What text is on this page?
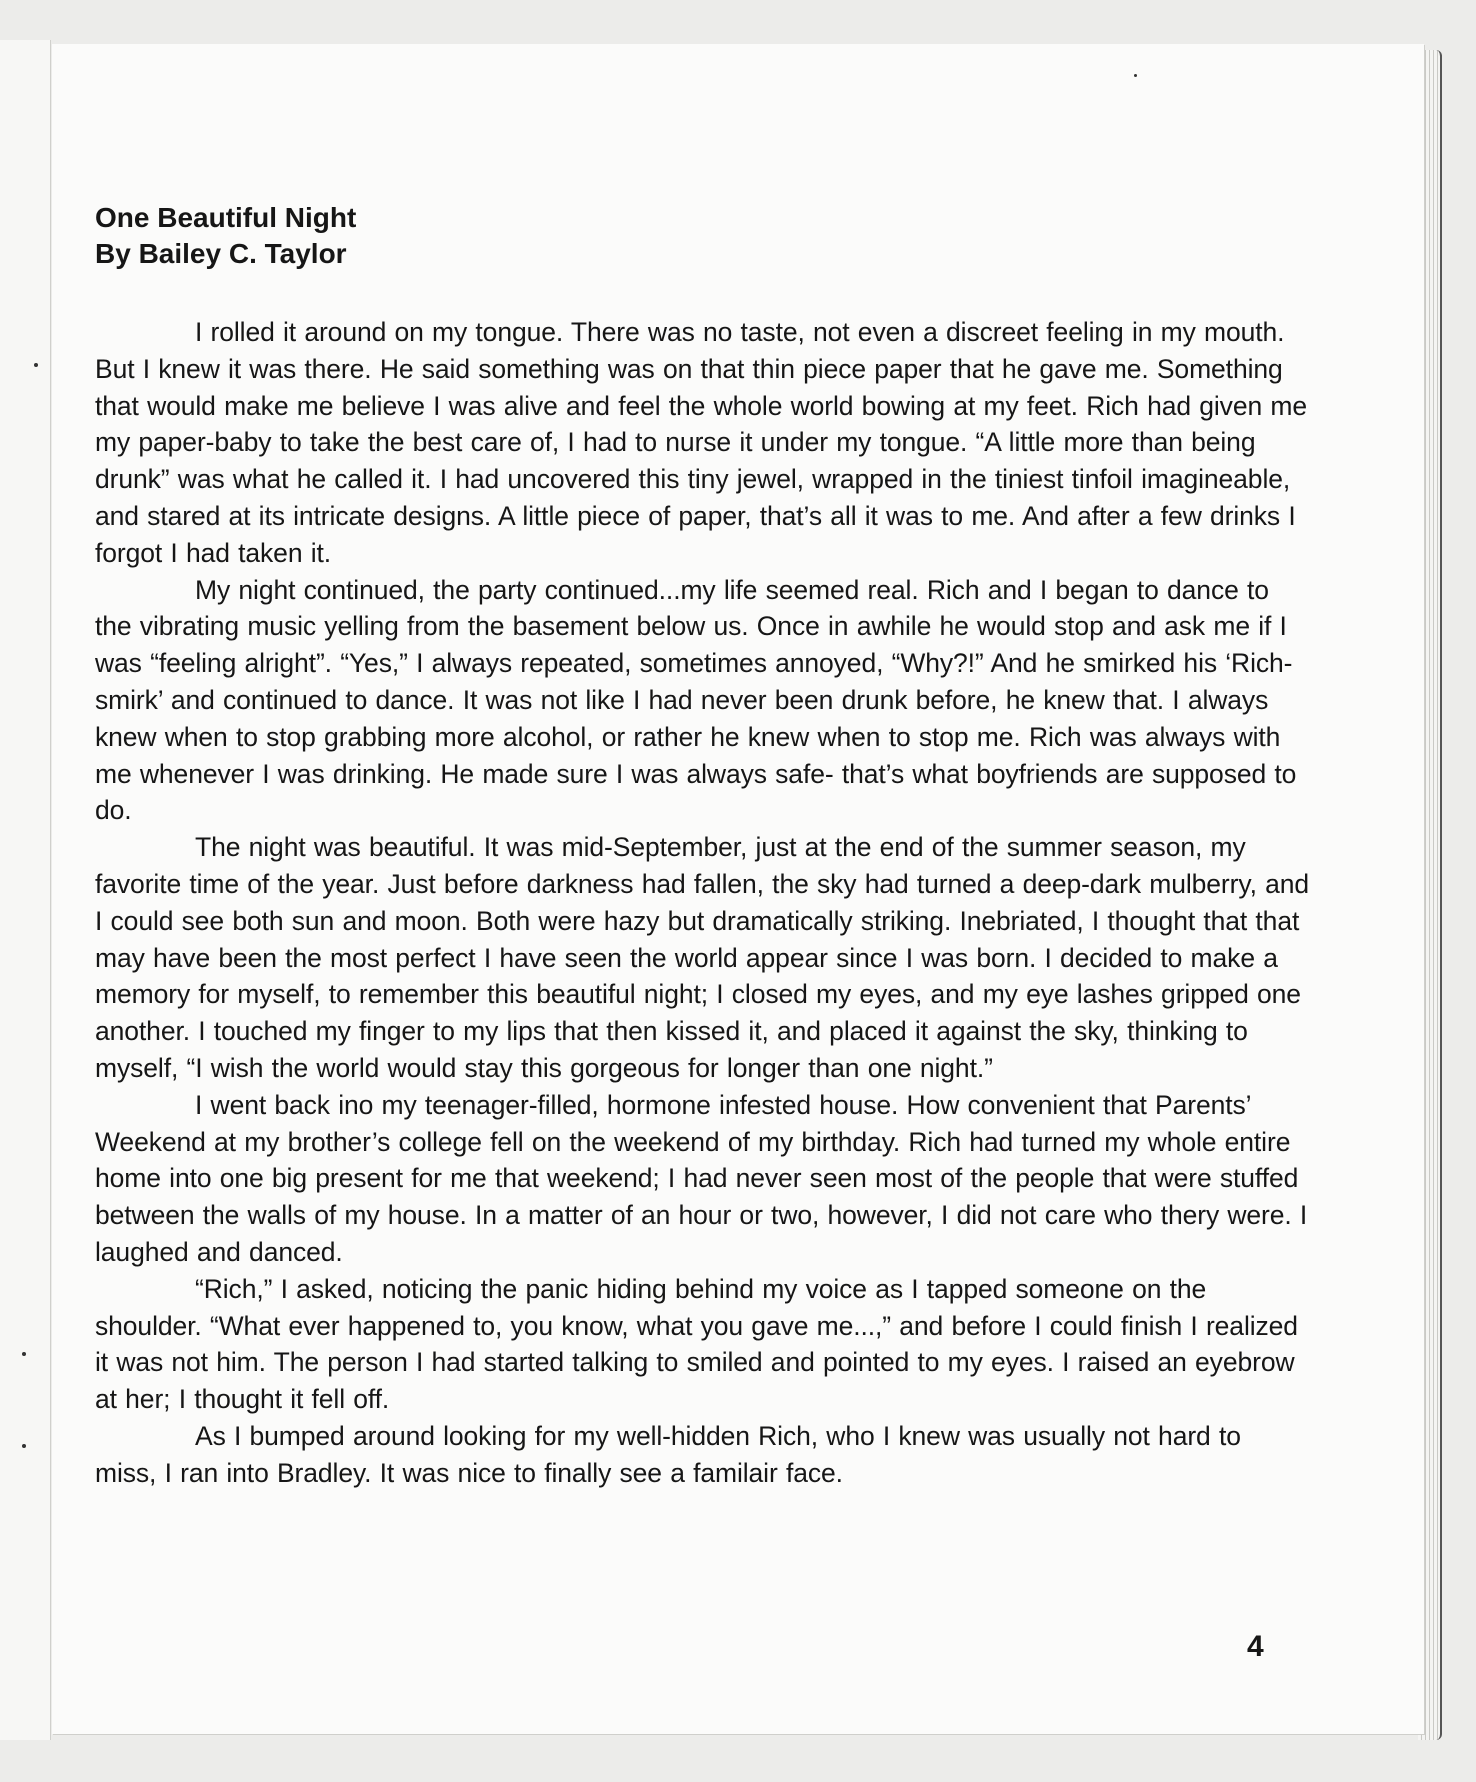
One Beautiful Night
By Bailey C. Taylor

I rolled it around on my tongue. There was no taste, not even a discreet feeling in my mouth. But I knew it was there. He said something was on that thin piece paper that he gave me. Something that would make me believe I was alive and feel the whole world bowing at my feet. Rich had given me my paper-baby to take the best care of, I had to nurse it under my tongue. “A little more than being drunk” was what he called it. I had uncovered this tiny jewel, wrapped in the tiniest tinfoil imagineable, and stared at its intricate designs. A little piece of paper, that’s all it was to me. And after a few drinks I forgot I had taken it.

My night continued, the party continued...my life seemed real. Rich and I began to dance to the vibrating music yelling from the basement below us. Once in awhile he would stop and ask me if I was “feeling alright”. “Yes,” I always repeated, sometimes annoyed, “Why?!” And he smirked his ‘Rich-smirk’ and continued to dance. It was not like I had never been drunk before, he knew that. I always knew when to stop grabbing more alcohol, or rather he knew when to stop me. Rich was always with me whenever I was drinking. He made sure I was always safe- that’s what boyfriends are supposed to do.

The night was beautiful. It was mid-September, just at the end of the summer season, my favorite time of the year. Just before darkness had fallen, the sky had turned a deep-dark mulberry, and I could see both sun and moon. Both were hazy but dramatically striking. Inebriated, I thought that that may have been the most perfect I have seen the world appear since I was born. I decided to make a memory for myself, to remember this beautiful night; I closed my eyes, and my eye lashes gripped one another. I touched my finger to my lips that then kissed it, and placed it against the sky, thinking to myself, “I wish the world would stay this gorgeous for longer than one night.”

I went back ino my teenager-filled, hormone infested house. How convenient that Parents’ Weekend at my brother’s college fell on the weekend of my birthday. Rich had turned my whole entire home into one big present for me that weekend; I had never seen most of the people that were stuffed between the walls of my house. In a matter of an hour or two, however, I did not care who thery were. I laughed and danced.

“Rich,” I asked, noticing the panic hiding behind my voice as I tapped someone on the shoulder. “What ever happened to, you know, what you gave me...,” and before I could finish I realized it was not him. The person I had started talking to smiled and pointed to my eyes. I raised an eyebrow at her; I thought it fell off.

As I bumped around looking for my well-hidden Rich, who I knew was usually not hard to miss, I ran into Bradley. It was nice to finally see a familair face.

4
